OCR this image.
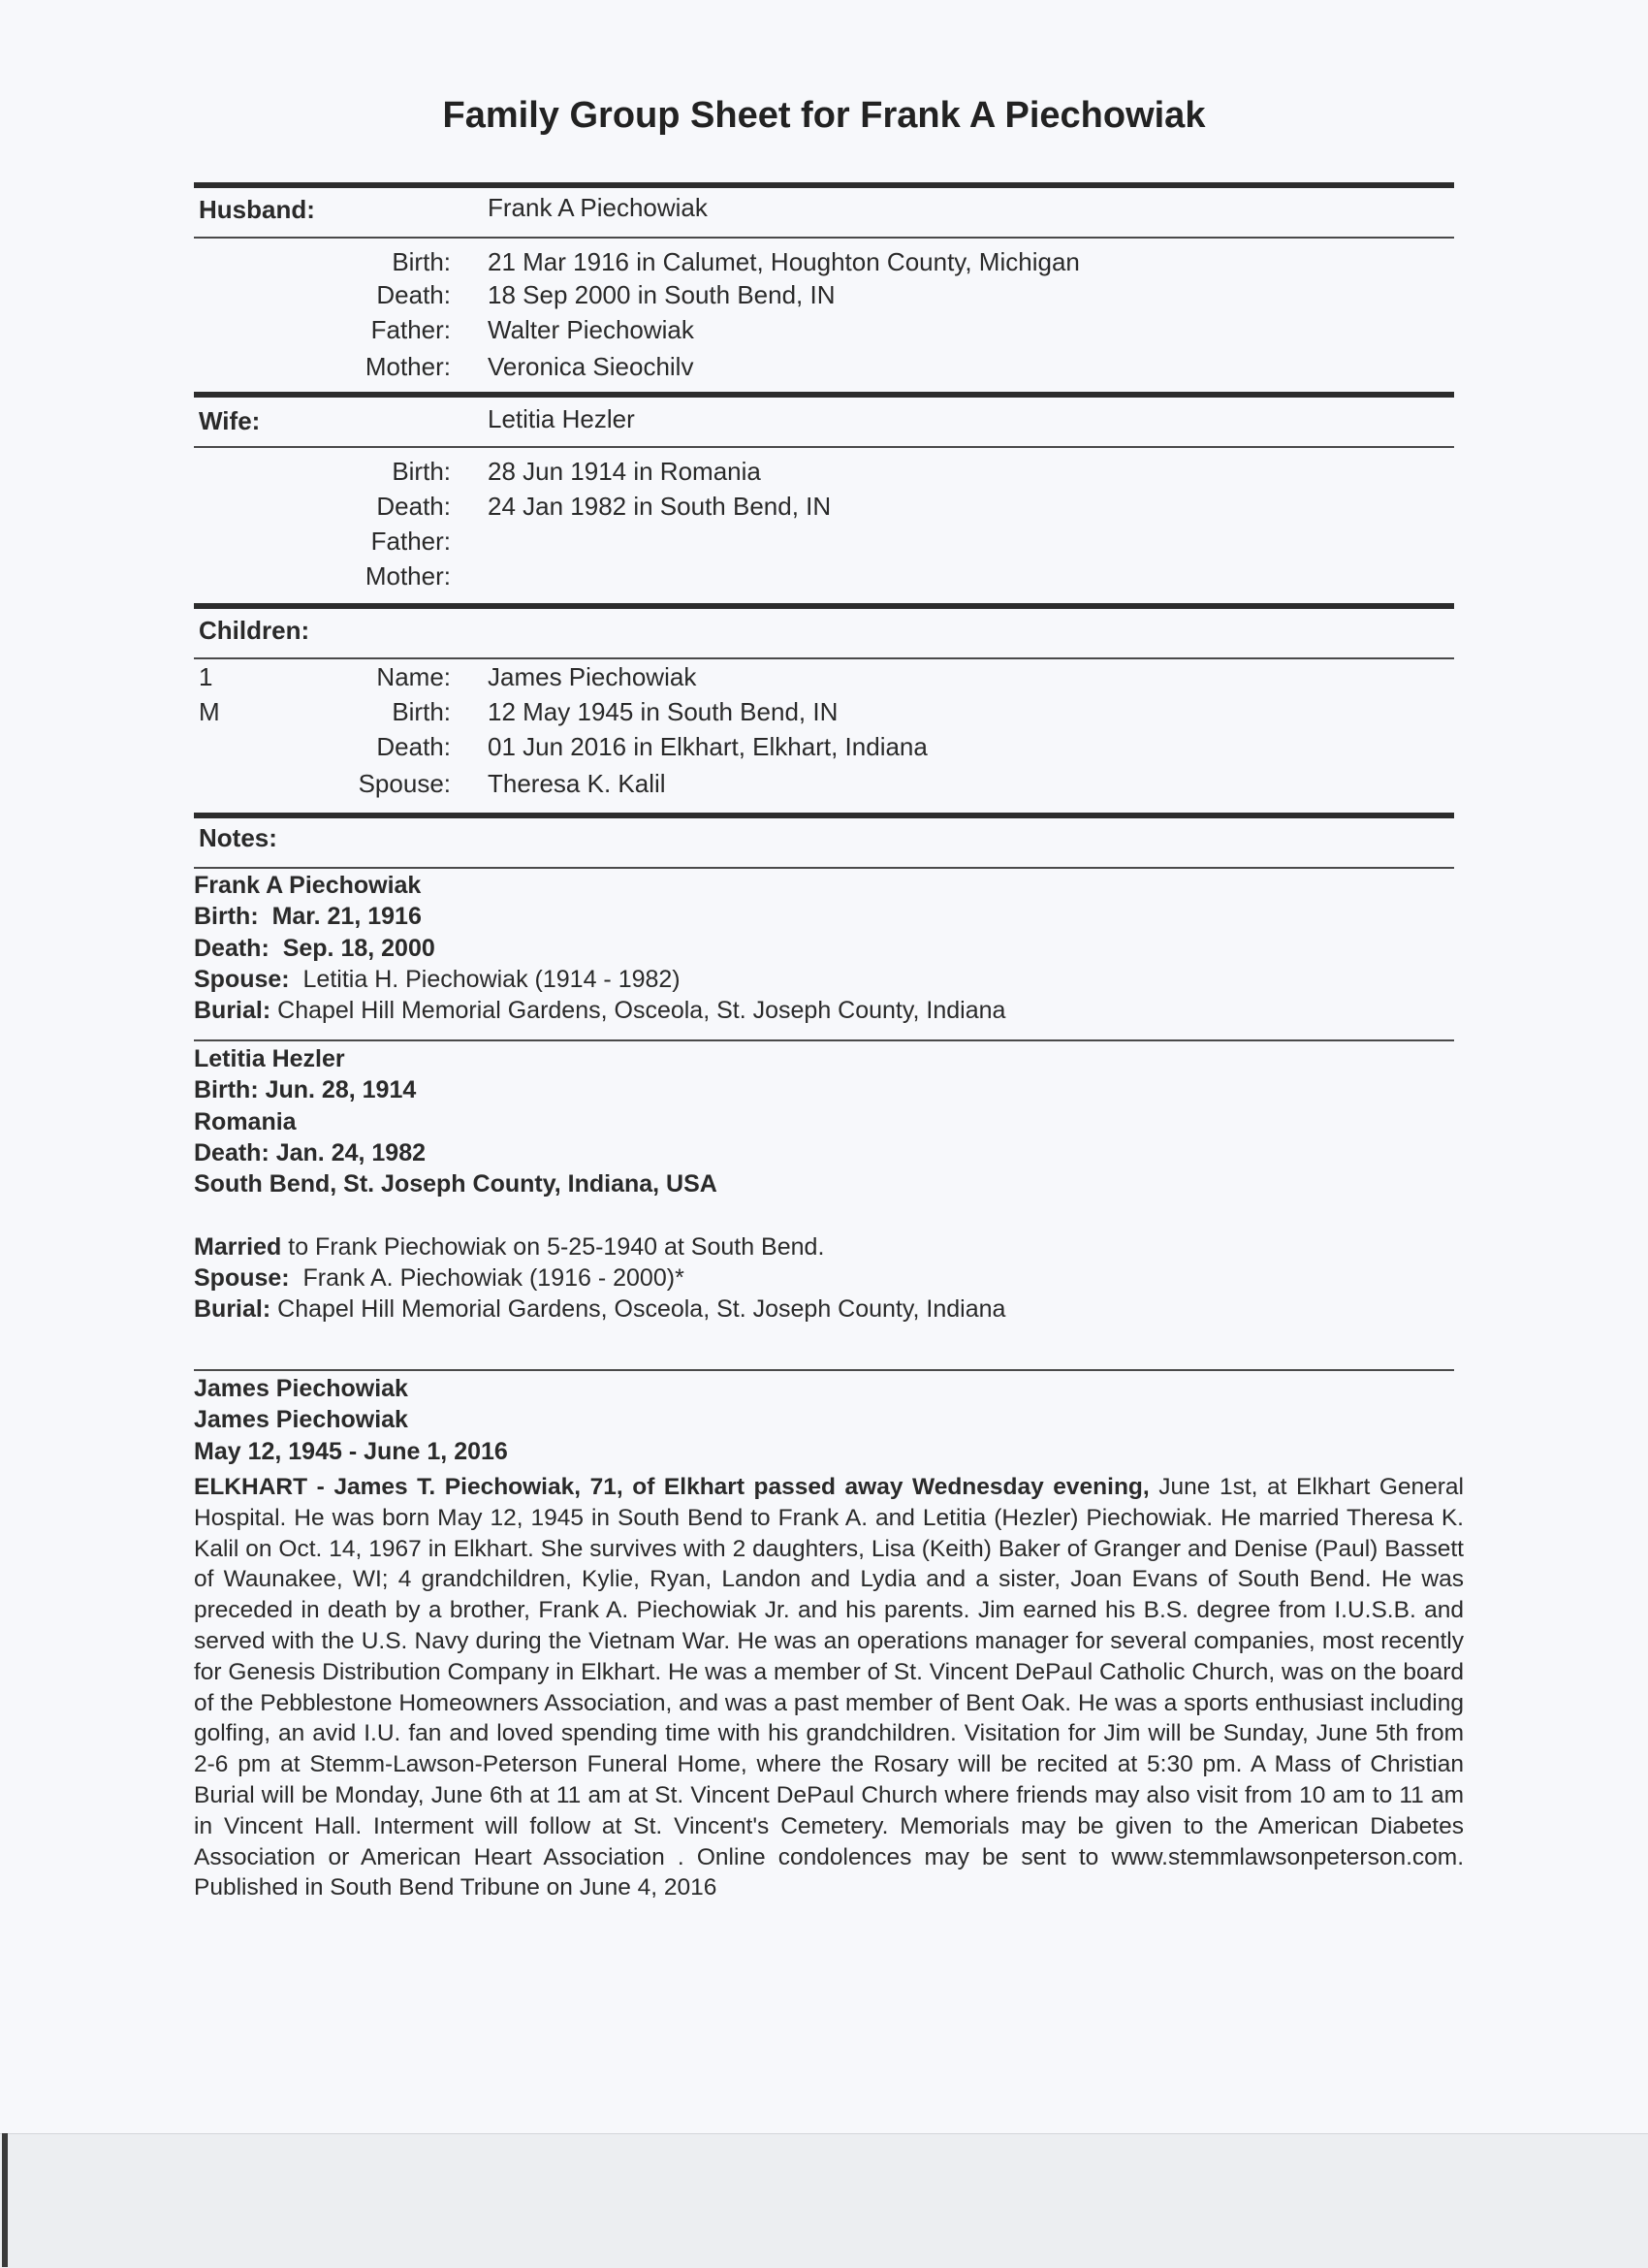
Family Group Sheet for Frank A Piechowiak
Husband:	Frank A Piechowiak
Birth: 21 Mar 1916 in Calumet, Houghton County, Michigan
Death: 18 Sep 2000 in South Bend, IN
Father: Walter Piechowiak
Mother: Veronica Sieochilv
Wife:	Letitia Hezler
Birth: 28 Jun 1914 in Romania
Death: 24 Jan 1982 in South Bend, IN
Father:
Mother:
Children:
1
M
Name: James Piechowiak
Birth: 12 May 1945 in South Bend, IN
Death: 01 Jun 2016 in Elkhart, Elkhart, Indiana
Spouse: Theresa K. Kalil
Notes:
Frank A Piechowiak
Birth: Mar. 21, 1916
Death: Sep. 18, 2000
Spouse: Letitia H. Piechowiak (1914 - 1982)
Burial: Chapel Hill Memorial Gardens, Osceola, St. Joseph County, Indiana
Letitia Hezler
Birth: Jun. 28, 1914
Romania
Death: Jan. 24, 1982
South Bend, St. Joseph County, Indiana, USA
Married to Frank Piechowiak on 5-25-1940 at South Bend.
Spouse: Frank A. Piechowiak (1916 - 2000)*
Burial: Chapel Hill Memorial Gardens, Osceola, St. Joseph County, Indiana
James Piechowiak
James Piechowiak
May 12, 1945 - June 1, 2016
ELKHART - James T. Piechowiak, 71, of Elkhart passed away Wednesday evening, June 1st, at Elkhart General Hospital. He was born May 12, 1945 in South Bend to Frank A. and Letitia (Hezler) Piechowiak. He married Theresa K. Kalil on Oct. 14, 1967 in Elkhart. She survives with 2 daughters, Lisa (Keith) Baker of Granger and Denise (Paul) Bassett of Waunakee, WI; 4 grandchildren, Kylie, Ryan, Landon and Lydia and a sister, Joan Evans of South Bend. He was preceded in death by a brother, Frank A. Piechowiak Jr. and his parents. Jim earned his B.S. degree from I.U.S.B. and served with the U.S. Navy during the Vietnam War. He was an operations manager for several companies, most recently for Genesis Distribution Company in Elkhart. He was a member of St. Vincent DePaul Catholic Church, was on the board of the Pebblestone Homeowners Association, and was a past member of Bent Oak. He was a sports enthusiast including golfing, an avid I.U. fan and loved spending time with his grandchildren. Visitation for Jim will be Sunday, June 5th from 2-6 pm at Stemm-Lawson-Peterson Funeral Home, where the Rosary will be recited at 5:30 pm. A Mass of Christian Burial will be Monday, June 6th at 11 am at St. Vincent DePaul Church where friends may also visit from 10 am to 11 am in Vincent Hall. Interment will follow at St. Vincent's Cemetery. Memorials may be given to the American Diabetes Association or American Heart Association . Online condolences may be sent to www.stemmlawsonpeterson.com. Published in South Bend Tribune on June 4, 2016
